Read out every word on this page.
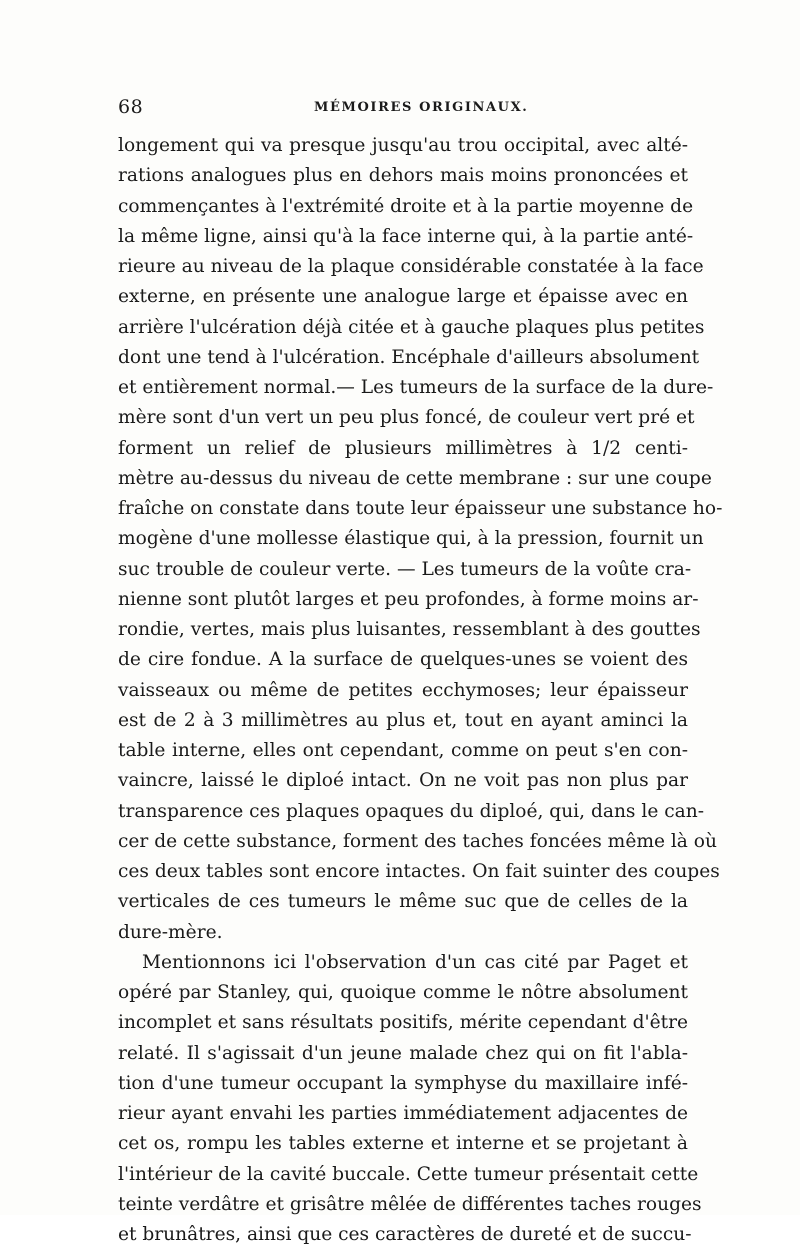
68	MÉMOIRES ORIGINAUX.
longement qui va presque jusqu'au trou occipital, avec alté-
rations analogues plus en dehors mais moins prononcées et
commençantes à l'extrémité droite et à la partie moyenne de
la même ligne, ainsi qu'à la face interne qui, à la partie anté-
rieure au niveau de la plaque considérable constatée à la face
externe, en présente une analogue large et épaisse avec en
arrière l'ulcération déjà citée et à gauche plaques plus petites
dont une tend à l'ulcération. Encéphale d'ailleurs absolument
et entièrement normal.— Les tumeurs de la surface de la dure-
mère sont d'un vert un peu plus foncé, de couleur vert pré et
forment un relief de plusieurs millimètres à 1/2 centi-
mètre au-dessus du niveau de cette membrane : sur une coupe
fraîche on constate dans toute leur épaisseur une substance ho-
mogène d'une mollesse élastique qui, à la pression, fournit un
suc trouble de couleur verte. — Les tumeurs de la voûte cra-
nienne sont plutôt larges et peu profondes, à forme moins ar-
rondie, vertes, mais plus luisantes, ressemblant à des gouttes
de cire fondue. A la surface de quelques-unes se voient des
vaisseaux ou même de petites ecchymoses; leur épaisseur
est de 2 à 3 millimètres au plus et, tout en ayant aminci la
table interne, elles ont cependant, comme on peut s'en con-
vaincre, laissé le diploé intact. On ne voit pas non plus par
transparence ces plaques opaques du diploé, qui, dans le can-
cer de cette substance, forment des taches foncées même là où
ces deux tables sont encore intactes. On fait suinter des coupes
verticales de ces tumeurs le même suc que de celles de la
dure-mère.
Mentionnons ici l'observation d'un cas cité par Paget et
opéré par Stanley, qui, quoique comme le nôtre absolument
incomplet et sans résultats positifs, mérite cependant d'être
relaté. Il s'agissait d'un jeune malade chez qui on fit l'abla-
tion d'une tumeur occupant la symphyse du maxillaire infé-
rieur ayant envahi les parties immédiatement adjacentes de
cet os, rompu les tables externe et interne et se projetant à
l'intérieur de la cavité buccale. Cette tumeur présentait cette
teinte verdâtre et grisâtre mêlée de différentes taches rouges
et brunâtres, ainsi que ces caractères de dureté et de succu-
